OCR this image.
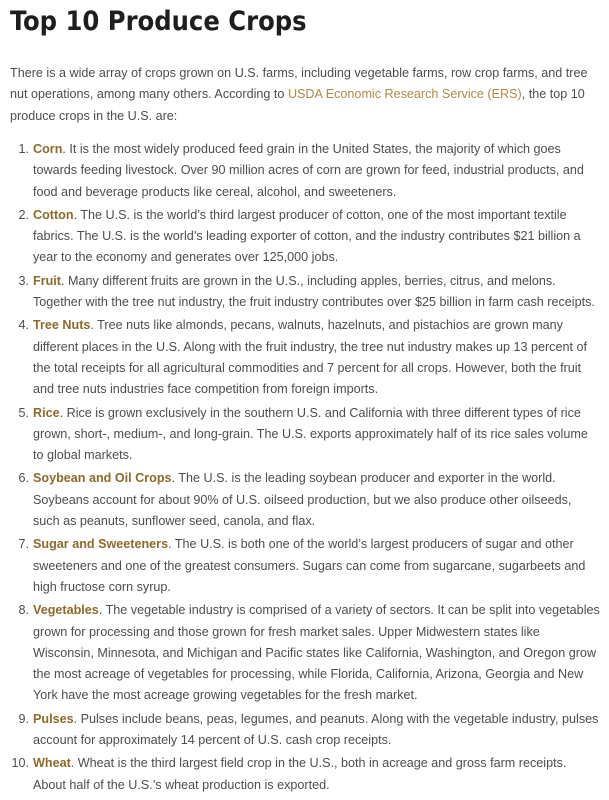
Top 10 Produce Crops

There is a wide array of crops grown on U.S. farms, including vegetable farms, row crop farms, and tree nut operations, among many others. According to USDA Economic Research Service (ERS), the top 10 produce crops in the U.S. are:

1. Corn. It is the most widely produced feed grain in the United States, the majority of which goes towards feeding livestock. Over 90 million acres of corn are grown for feed, industrial products, and food and beverage products like cereal, alcohol, and sweeteners.
2. Cotton. The U.S. is the world’s third largest producer of cotton, one of the most important textile fabrics. The U.S. is the world’s leading exporter of cotton, and the industry contributes $21 billion a year to the economy and generates over 125,000 jobs.
3. Fruit. Many different fruits are grown in the U.S., including apples, berries, citrus, and melons. Together with the tree nut industry, the fruit industry contributes over $25 billion in farm cash receipts.
4. Tree Nuts. Tree nuts like almonds, pecans, walnuts, hazelnuts, and pistachios are grown many different places in the U.S. Along with the fruit industry, the tree nut industry makes up 13 percent of the total receipts for all agricultural commodities and 7 percent for all crops. However, both the fruit and tree nuts industries face competition from foreign imports.
5. Rice. Rice is grown exclusively in the southern U.S. and California with three different types of rice grown, short-, medium-, and long-grain. The U.S. exports approximately half of its rice sales volume to global markets.
6. Soybean and Oil Crops. The U.S. is the leading soybean producer and exporter in the world. Soybeans account for about 90% of U.S. oilseed production, but we also produce other oilseeds, such as peanuts, sunflower seed, canola, and flax.
7. Sugar and Sweeteners. The U.S. is both one of the world’s largest producers of sugar and other sweeteners and one of the greatest consumers. Sugars can come from sugarcane, sugarbeets and high fructose corn syrup.
8. Vegetables. The vegetable industry is comprised of a variety of sectors. It can be split into vegetables grown for processing and those grown for fresh market sales. Upper Midwestern states like Wisconsin, Minnesota, and Michigan and Pacific states like California, Washington, and Oregon grow the most acreage of vegetables for processing, while Florida, California, Arizona, Georgia and New York have the most acreage growing vegetables for the fresh market.
9. Pulses. Pulses include beans, peas, legumes, and peanuts. Along with the vegetable industry, pulses account for approximately 14 percent of U.S. cash crop receipts.
10. Wheat. Wheat is the third largest field crop in the U.S., both in acreage and gross farm receipts. About half of the U.S.’s wheat production is exported.
